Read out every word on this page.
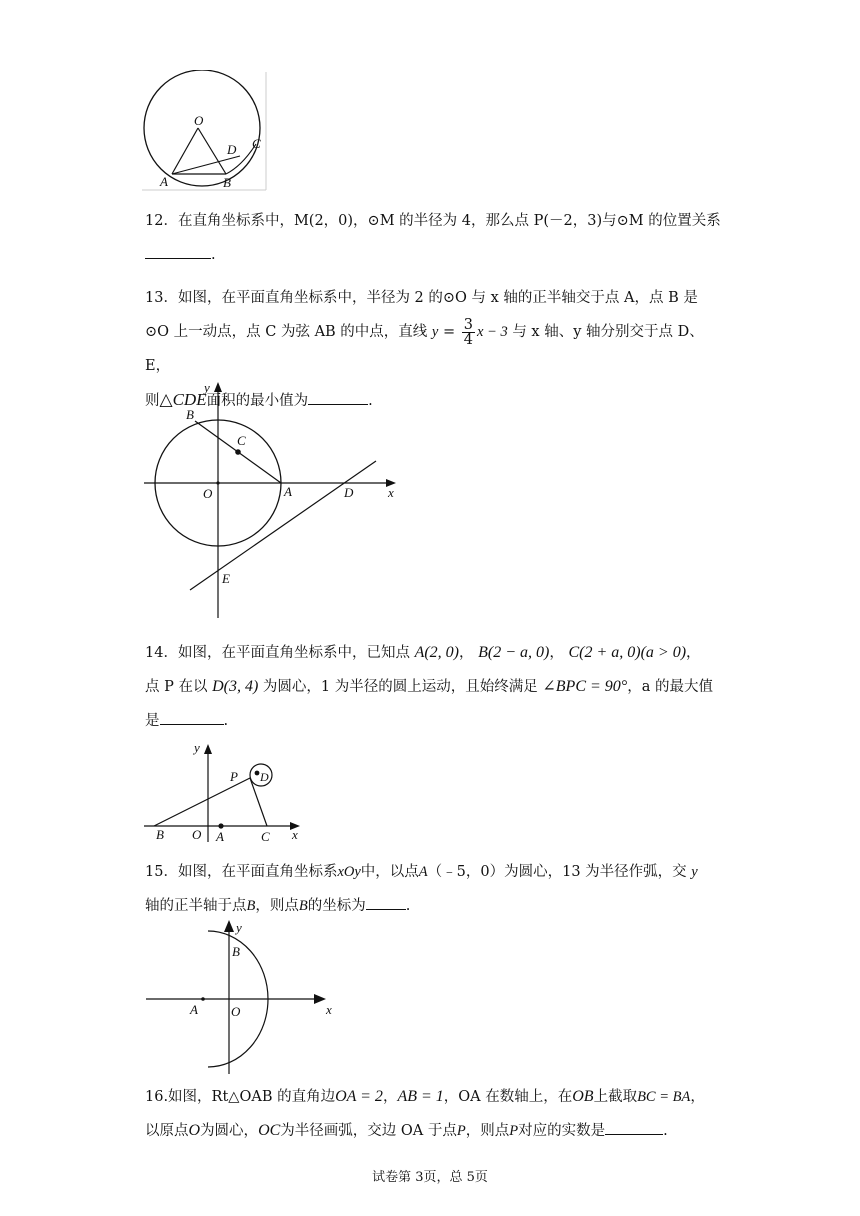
O
A	B
D C
12．在直角坐标系中，M(2，0)，⊙M 的半径为 4，那么点 P(－2，3)与⊙M 的位置关系
.
13．如图，在平面直角坐标系中，半径为 2 的⊙O 与 x 轴的正半轴交于点 A，点 B 是
⊙O 上一动点，点 C 为弦 AB 的中点，直线 $y = \frac{3}{4}$ x − 3 与 x 轴、y 轴分别交于点 D、E，
则△CDE面积的最小值为	.
y
x
B
C
O	A	D
E
14．如图，在平面直角坐标系中，已知点 A(2, 0)， B(2 − a, 0)， C(2 + a, 0)(a > 0)，
点 P 在以 D(3, 4) 为圆心，1 为半径的圆上运动，且始终满足 ∠BPC = 90°，a 的最大值
是	.
y
x
P D
B O A	C
15．如图，在平面直角坐标系xOy中，以点A（﹣5，0）为圆心，13 为半径作弧，交 y
轴的正半轴于点B，则点B的坐标为	.
y
x
B
A	O
16.如图，Rt△OAB 的直角边OA = 2，AB = 1，OA 在数轴上，在OB上截取BC = BA，
以原点O为圆心，OC为半径画弧，交边 OA 于点P，则点P对应的实数是	.
试卷第 3页，总 5页
